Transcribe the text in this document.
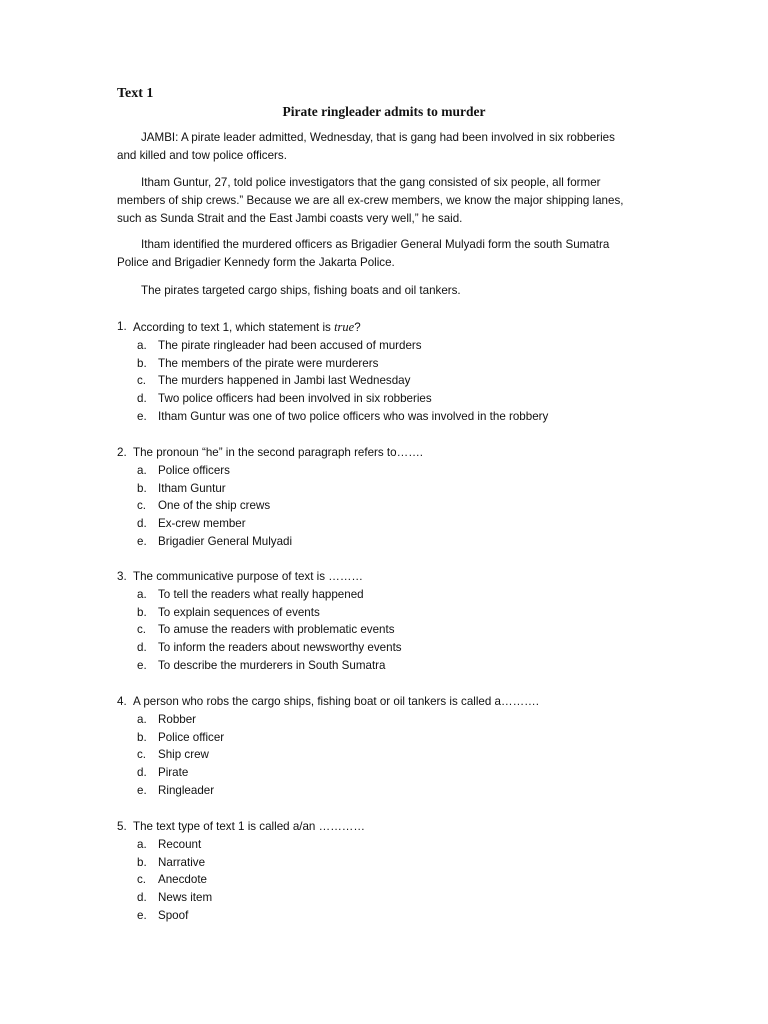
Text 1
Pirate ringleader admits to murder

JAMBI: A pirate leader admitted, Wednesday, that is gang had been involved in six robberies and killed and tow police officers.

Itham Guntur, 27, told police investigators that the gang consisted of six people, all former members of ship crews.” Because we are all ex-crew members, we know the major shipping lanes, such as Sunda Strait and the East Jambi coasts very well,” he said.

Itham identified the murdered officers as Brigadier General Mulyadi form the south Sumatra Police and Brigadier Kennedy form the Jakarta Police.

The pirates targeted cargo ships, fishing boats and oil tankers.

1. According to text 1, which statement is true?
a. The pirate ringleader had been accused of murders
b. The members of the pirate were murderers
c.	The murders happened in Jambi last Wednesday
d. Two police officers had been involved in six robberies
e. Itham Guntur was one of two police officers who was involved in the robbery
2. The pronoun “he” in the second paragraph refers to…….
a. Police officers
b. Itham Guntur
c.	One of the ship crews
d. Ex-crew member
e. Brigadier General Mulyadi
3. The communicative purpose of text is ………
a. To tell the readers what really happened
b. To explain sequences of events
c.	To amuse the readers with problematic events
d. To inform the readers about newsworthy events
e. To describe the murderers in South Sumatra
4. A person who robs the cargo ships, fishing boat or oil tankers is called a……….
a. Robber
b. Police officer
c.	Ship crew
d. Pirate
e. Ringleader
5. The text type of text 1 is called a/an …………
a. Recount
b. Narrative
c.	Anecdote
d. News item
e. Spoof
